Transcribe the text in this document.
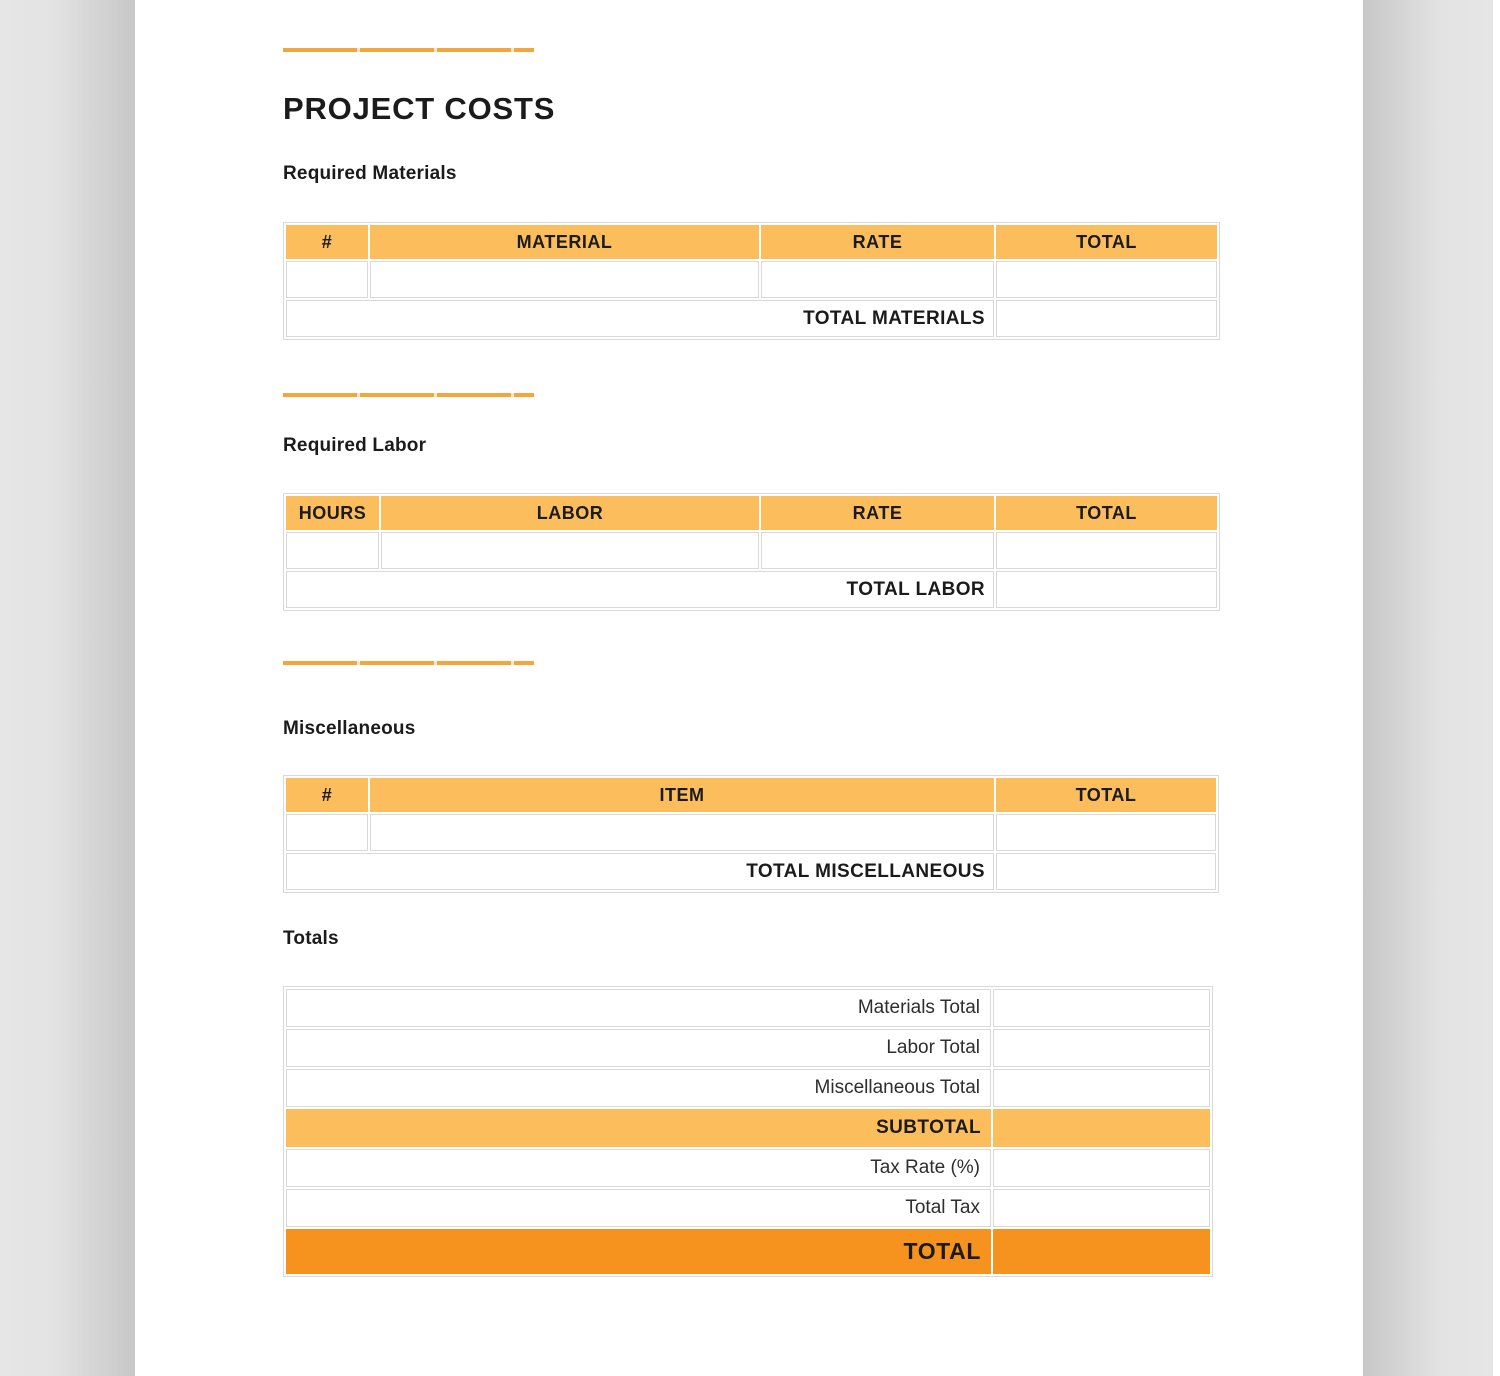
PROJECT COSTS
Required Materials
#	MATERIAL	RATE	TOTAL

TOTAL MATERIALS			
Required Labor
HOURS	LABOR	RATE	TOTAL

TOTAL LABOR			
Miscellaneous
#	ITEM	TOTAL

TOTAL MISCELLANEOUS		
Totals
Materials Total	
Labor Total	
Miscellaneous Total	
SUBTOTAL	
Tax Rate (%)	
Total Tax	
TOTAL	
